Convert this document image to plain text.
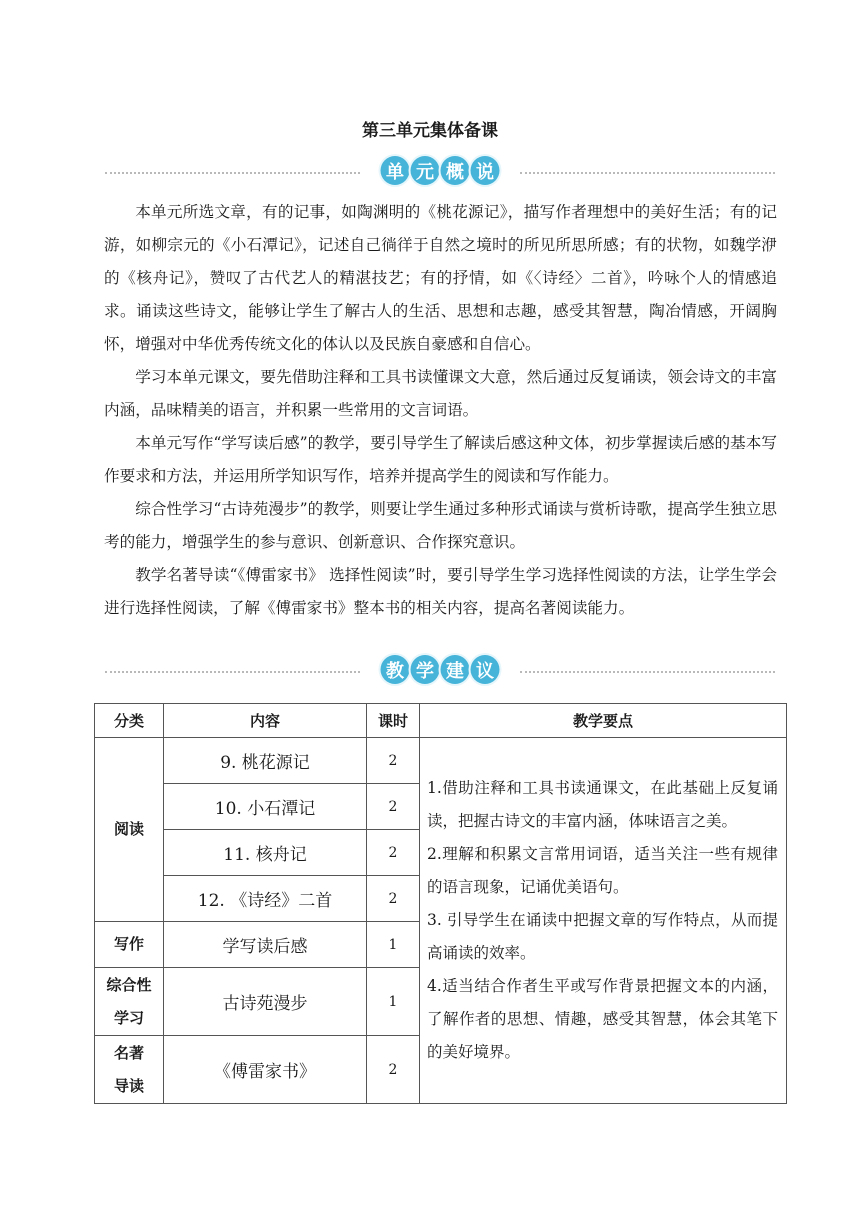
第三单元集体备课
单 元 概 说

本单元所选文章，有的记事，如陶渊明的《桃花源记》，描写作者理想中的美好生活；有的记游，如柳宗元的《小石潭记》，记述自己徜徉于自然之境时的所见所思所感；有的状物，如魏学洢的《核舟记》，赞叹了古代艺人的精湛技艺；有的抒情，如《〈诗经〉二首》，吟咏个人的情感追求。诵读这些诗文，能够让学生了解古人的生活、思想和志趣，感受其智慧，陶冶情感，开阔胸怀，增强对中华优秀传统文化的体认以及民族自豪感和自信心。

学习本单元课文，要先借助注释和工具书读懂课文大意，然后通过反复诵读，领会诗文的丰富内涵，品味精美的语言，并积累一些常用的文言词语。

本单元写作“学写读后感”的教学，要引导学生了解读后感这种文体，初步掌握读后感的基本写作要求和方法，并运用所学知识写作，培养并提高学生的阅读和写作能力。

综合性学习“古诗苑漫步”的教学，则要让学生通过多种形式诵读与赏析诗歌，提高学生独立思考的能力，增强学生的参与意识、创新意识、合作探究意识。

教学名著导读“《傅雷家书》 选择性阅读”时，要引导学生学习选择性阅读的方法，让学生学会进行选择性阅读，了解《傅雷家书》整本书的相关内容，提高名著阅读能力。

教 学 建 议
分类	内容	课时	教学要点
阅读	9. 桃花源记	2	1.借助注释和工具书读通课文，在此基础上反复诵读，把握古诗文的丰富内涵，体味语言之美。

2.理解和积累文言常用词语，适当关注一些有规律的语言现象，记诵优美语句。

3. 引导学生在诵读中把握文章的写作特点，从而提高诵读的效率。

4.适当结合作者生平或写作背景把握文本的内涵，了解作者的思想、情趣，感受其智慧，体会其笔下的美好境界。

	10. 小石潭记	2	
	11. 核舟记	2	
	12. 《诗经》二首	2	
写作	学写读后感	1	
综合性
学习	古诗苑漫步	1	
名著
导读	《傅雷家书》	2	
